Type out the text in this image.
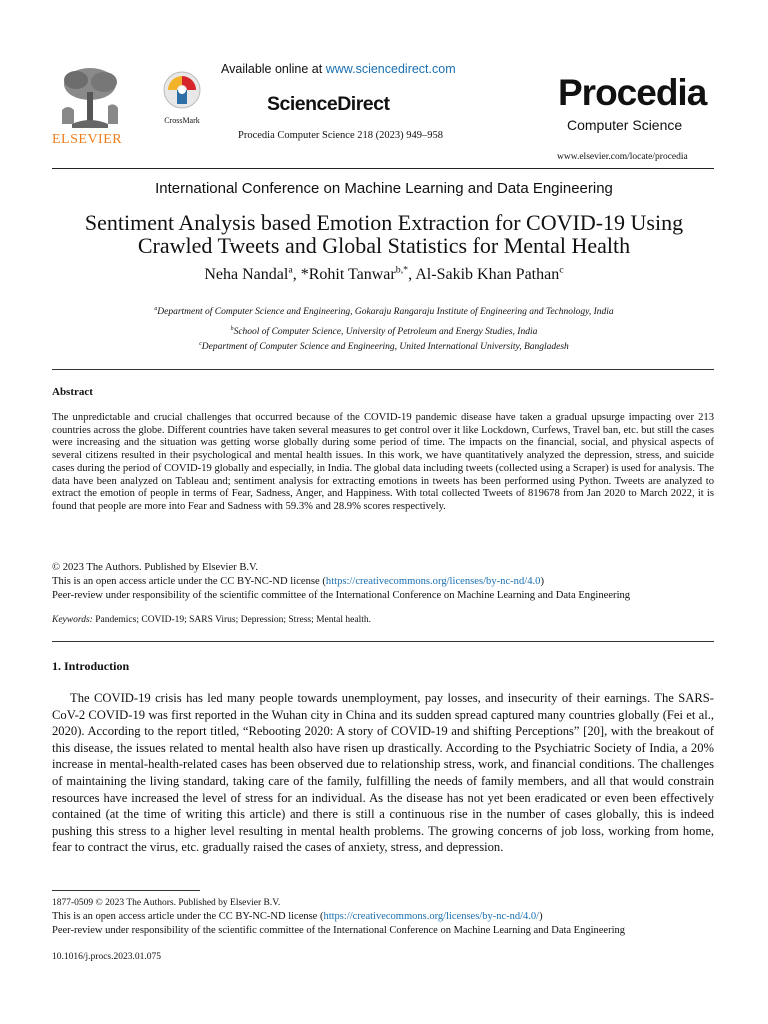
ELSEVIER
CrossMark
Available online at www.sciencedirect.com
ScienceDirect
Procedia Computer Science 218 (2023) 949–958
Procedia
Computer Science
www.elsevier.com/locate/procedia
International Conference on Machine Learning and Data Engineering
Sentiment Analysis based Emotion Extraction for COVID-19 Using
Crawled Tweets and Global Statistics for Mental Health
Neha Nandal$^a$, *Rohit Tanwar$^{b,*}$, Al-Sakib Khan Pathan$^c$
$^a$Department of Computer Science and Engineering, Gokaraju Rangaraju Institute of Engineering and Technology, India
$^b$School of Computer Science, University of Petroleum and Energy Studies, India
$^c$Department of Computer Science and Engineering, United International University, Bangladesh
Abstract
The unpredictable and crucial challenges that occurred because of the COVID-19 pandemic disease have taken a gradual upsurge impacting over 213 countries across the globe. Different countries have taken several measures to get control over it like Lockdown, Curfews, Travel ban, etc. but still the cases were increasing and the situation was getting worse globally during some period of time. The impacts on the financial, social, and physical aspects of several citizens resulted in their psychological and mental health issues. In this work, we have quantitatively analyzed the depression, stress, and suicide cases during the period of COVID-19 globally and especially, in India. The global data including tweets (collected using a Scraper) is used for analysis. The data have been analyzed on Tableau and; sentiment analysis for extracting emotions in tweets has been performed using Python. Tweets are analyzed to extract the emotion of people in terms of Fear, Sadness, Anger, and Happiness. With total collected Tweets of 819678 from Jan 2020 to March 2022, it is found that people are more into Fear and Sadness with 59.3% and 28.9% scores respectively.
© 2023 The Authors. Published by Elsevier B.V.
This is an open access article under the CC BY-NC-ND license (https://creativecommons.org/licenses/by-nc-nd/4.0)
Peer-review under responsibility of the scientific committee of the International Conference on Machine Learning and Data Engineering
Keywords: Pandemics; COVID-19; SARS Virus; Depression; Stress; Mental health.
1. Introduction
The COVID-19 crisis has led many people towards unemployment, pay losses, and insecurity of their earnings. The SARS-CoV-2 COVID-19 was first reported in the Wuhan city in China and its sudden spread captured many countries globally (Fei et al., 2020). According to the report titled, “Rebooting 2020: A story of COVID-19 and shifting Perceptions” [20], with the breakout of this disease, the issues related to mental health also have risen up drastically. According to the Psychiatric Society of India, a 20% increase in mental-health-related cases has been observed due to relationship stress, work, and financial conditions. The challenges of maintaining the living standard, taking care of the family, fulfilling the needs of family members, and all that would constrain resources have increased the level of stress for an individual. As the disease has not yet been eradicated or even been effectively contained (at the time of writing this article) and there is still a continuous rise in the number of cases globally, this is indeed pushing this stress to a higher level resulting in mental health problems. The growing concerns of job loss, working from home, fear to contract the virus, etc. gradually raised the cases of anxiety, stress, and depression.
1877-0509 © 2023 The Authors. Published by Elsevier B.V.
This is an open access article under the CC BY-NC-ND license (https://creativecommons.org/licenses/by-nc-nd/4.0/)
Peer-review under responsibility of the scientific committee of the International Conference on Machine Learning and Data Engineering
10.1016/j.procs.2023.01.075
